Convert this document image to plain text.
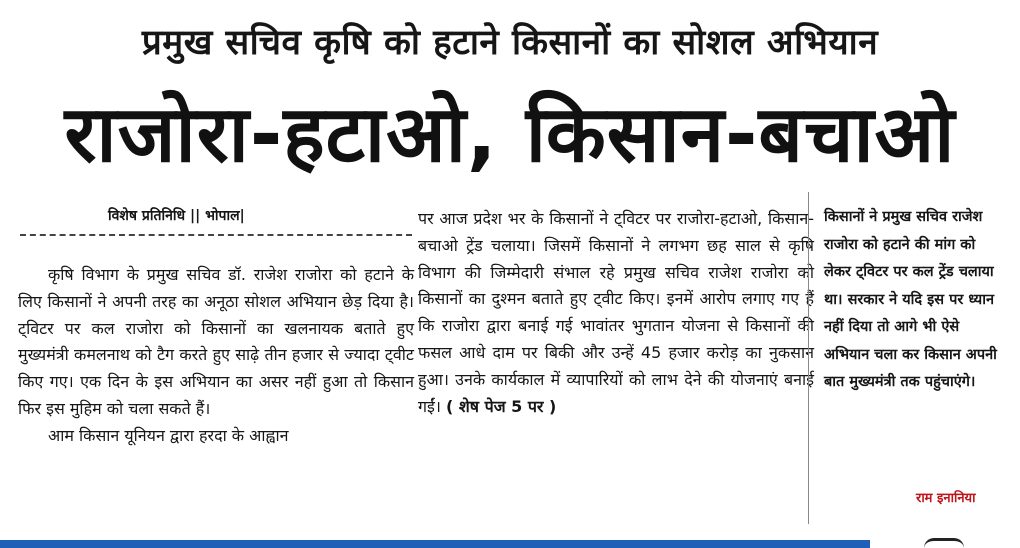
प्रमुख सचिव कृषि को हटाने किसानों का सोशल अभियान
राजोरा-हटाओ, किसान-बचाओ
विशेष प्रतिनिधि || भोपाल|

कृषि विभाग के प्रमुख सचिव डॉ. राजेश राजोरा को हटाने के लिए किसानों ने अपनी तरह का अनूठा सोशल अभियान छेड़ दिया है। ट्विटर पर कल राजोरा को किसानों का खलनायक बताते हुए मुख्यमंत्री कमलनाथ को टैग करते हुए साढ़े तीन हजार से ज्यादा ट्वीट किए गए। एक दिन के इस अभियान का असर नहीं हुआ तो किसान फिर इस मुहिम को चला सकते हैं।

आम किसान यूनियन द्वारा हरदा के आह्वान

पर आज प्रदेश भर के किसानों ने ट्विटर पर राजोरा-हटाओ, किसान-बचाओ ट्रेंड चलाया। जिसमें किसानों ने लगभग छह साल से कृषि विभाग की जिम्मेदारी संभाल रहे प्रमुख सचिव राजेश राजोरा को किसानों का दुश्मन बताते हुए ट्वीट किए। इनमें आरोप लगाए गए हैं कि राजोरा द्वारा बनाई गई भावांतर भुगतान योजना से किसानों की फसल आधे दाम पर बिकी और उन्हें 45 हजार करोड़ का नुकसान हुआ। उनके कार्यकाल में व्यापारियों को लाभ देने की योजनाएं बनाई गईं। ( शेष पेज 5 पर )

किसानों ने प्रमुख सचिव राजेश राजोरा को हटाने की मांग को लेकर ट्विटर पर कल ट्रेंड चलाया था। सरकार ने यदि इस पर ध्यान नहीं दिया तो आगे भी ऐसे अभियान चला कर किसान अपनी बात मुख्यमंत्री तक पहुंचाएंगे।
राम इनानिया
